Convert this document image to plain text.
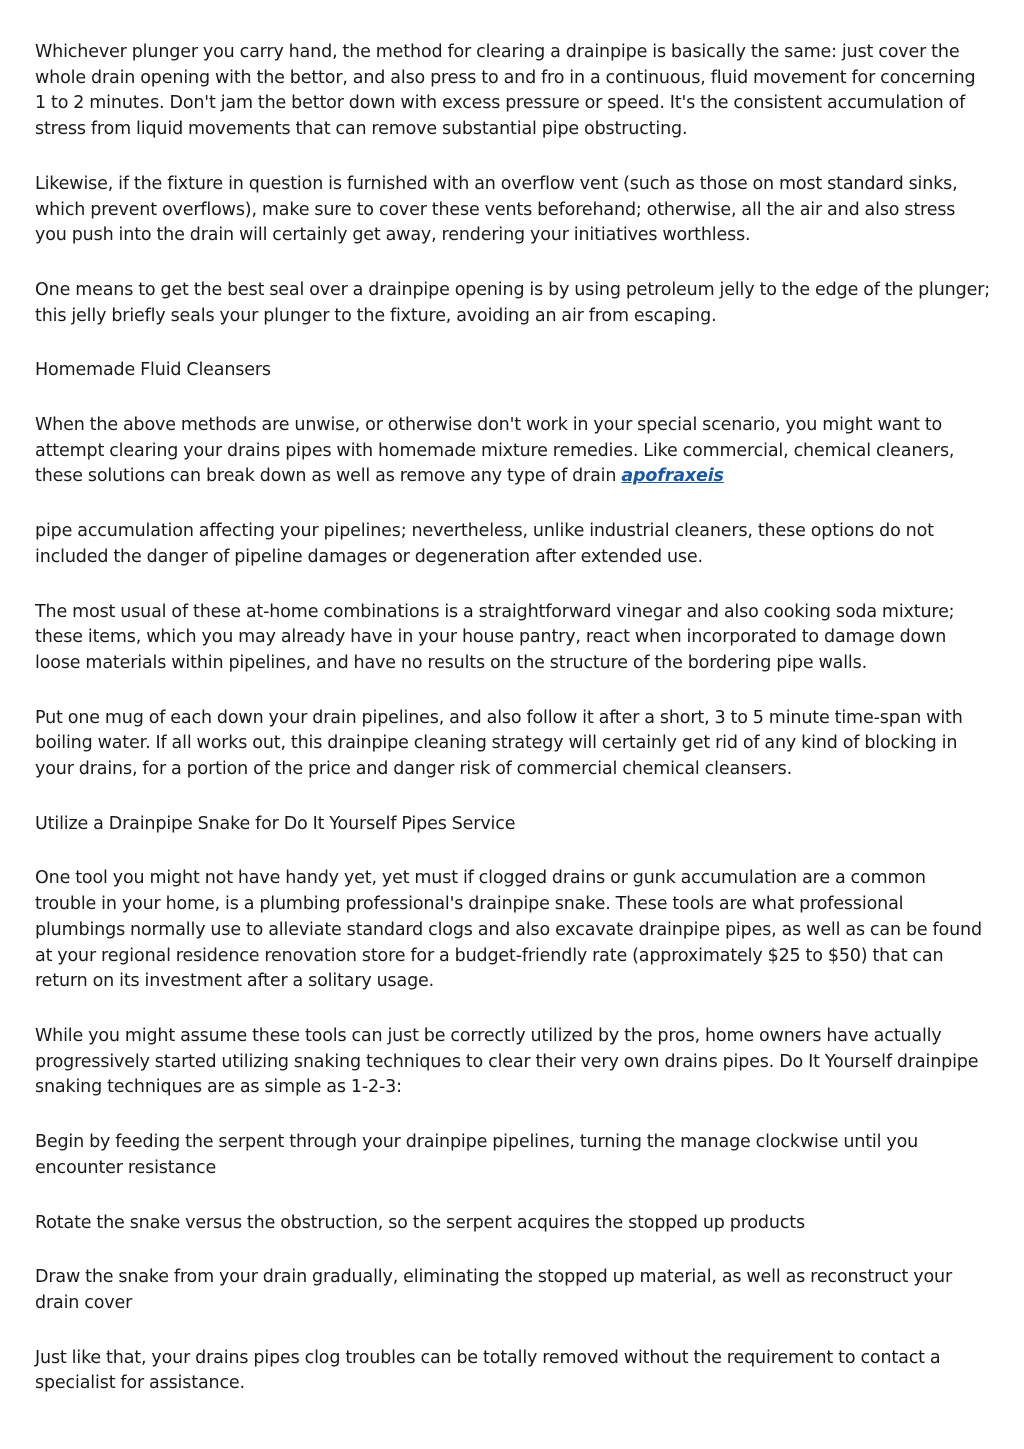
Whichever plunger you carry hand, the method for clearing a drainpipe is basically the same: just cover the whole drain opening with the bettor, and also press to and fro in a continuous, fluid movement for concerning 1 to 2 minutes. Don't jam the bettor down with excess pressure or speed. It's the consistent accumulation of stress from liquid movements that can remove substantial pipe obstructing.

Likewise, if the fixture in question is furnished with an overflow vent (such as those on most standard sinks, which prevent overflows), make sure to cover these vents beforehand; otherwise, all the air and also stress you push into the drain will certainly get away, rendering your initiatives worthless.

One means to get the best seal over a drainpipe opening is by using petroleum jelly to the edge of the plunger; this jelly briefly seals your plunger to the fixture, avoiding an air from escaping.

Homemade Fluid Cleansers

When the above methods are unwise, or otherwise don't work in your special scenario, you might want to attempt clearing your drains pipes with homemade mixture remedies. Like commercial, chemical cleaners, these solutions can break down as well as remove any type of drain apofraxeis

pipe accumulation affecting your pipelines; nevertheless, unlike industrial cleaners, these options do not included the danger of pipeline damages or degeneration after extended use.

The most usual of these at-home combinations is a straightforward vinegar and also cooking soda mixture; these items, which you may already have in your house pantry, react when incorporated to damage down loose materials within pipelines, and have no results on the structure of the bordering pipe walls.

Put one mug of each down your drain pipelines, and also follow it after a short, 3 to 5 minute time-span with boiling water. If all works out, this drainpipe cleaning strategy will certainly get rid of any kind of blocking in your drains, for a portion of the price and danger risk of commercial chemical cleansers.

Utilize a Drainpipe Snake for Do It Yourself Pipes Service

One tool you might not have handy yet, yet must if clogged drains or gunk accumulation are a common trouble in your home, is a plumbing professional's drainpipe snake. These tools are what professional plumbings normally use to alleviate standard clogs and also excavate drainpipe pipes, as well as can be found at your regional residence renovation store for a budget-friendly rate (approximately $25 to $50) that can return on its investment after a solitary usage.

While you might assume these tools can just be correctly utilized by the pros, home owners have actually progressively started utilizing snaking techniques to clear their very own drains pipes. Do It Yourself drainpipe snaking techniques are as simple as 1-2-3:

Begin by feeding the serpent through your drainpipe pipelines, turning the manage clockwise until you encounter resistance

Rotate the snake versus the obstruction, so the serpent acquires the stopped up products

Draw the snake from your drain gradually, eliminating the stopped up material, as well as reconstruct your drain cover

Just like that, your drains pipes clog troubles can be totally removed without the requirement to contact a specialist for assistance.
